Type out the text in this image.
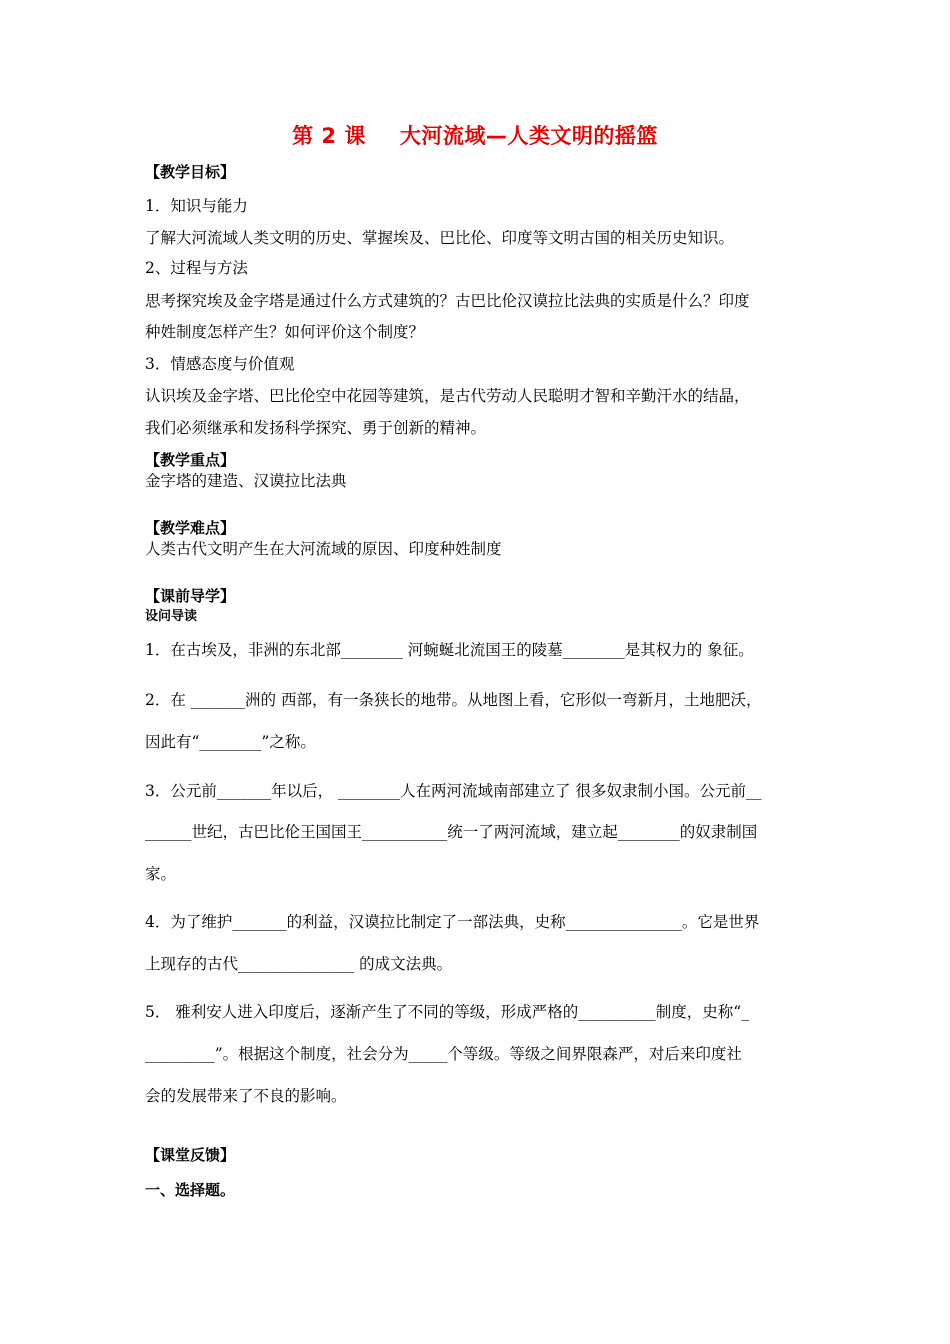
第 2 课 大河流域—人类文明的摇篮
【教学目标】
1．知识与能力
了解大河流域人类文明的历史、掌握埃及、巴比伦、印度等文明古国的相关历史知识。
2、过程与方法
思考探究埃及金字塔是通过什么方式建筑的？古巴比伦汉谟拉比法典的实质是什么？印度
种姓制度怎样产生？如何评价这个制度？
3．情感态度与价值观
认识埃及金字塔、巴比伦空中花园等建筑，是古代劳动人民聪明才智和辛勤汗水的结晶，
我们必须继承和发扬科学探究、勇于创新的精神。
【教学重点】
金字塔的建造、汉谟拉比法典
【教学难点】
人类古代文明产生在大河流域的原因、印度种姓制度
【课前导学】
设问导读
1．在古埃及，非洲的东北部________ 河蜿蜒北流国王的陵墓________是其权力的 象征。
2．在 _______洲的 西部，有一条狭长的地带。从地图上看，它形似一弯新月，土地肥沃，
因此有“________”之称。
3．公元前_______年以后， ________人在两河流域南部建立了 很多奴隶制小国。公元前__
______世纪，古巴比伦王国国王___________统一了两河流域，建立起________的奴隶制国
家。
4．为了维护_______的利益，汉谟拉比制定了一部法典，史称_______________。它是世界
上现存的古代_______________ 的成文法典。
5． 雅利安人进入印度后，逐渐产生了不同的等级，形成严格的__________制度，史称“_
_________”。根据这个制度，社会分为_____个等级。等级之间界限森严，对后来印度社
会的发展带来了不良的影响。
【课堂反馈】
一、选择题。
